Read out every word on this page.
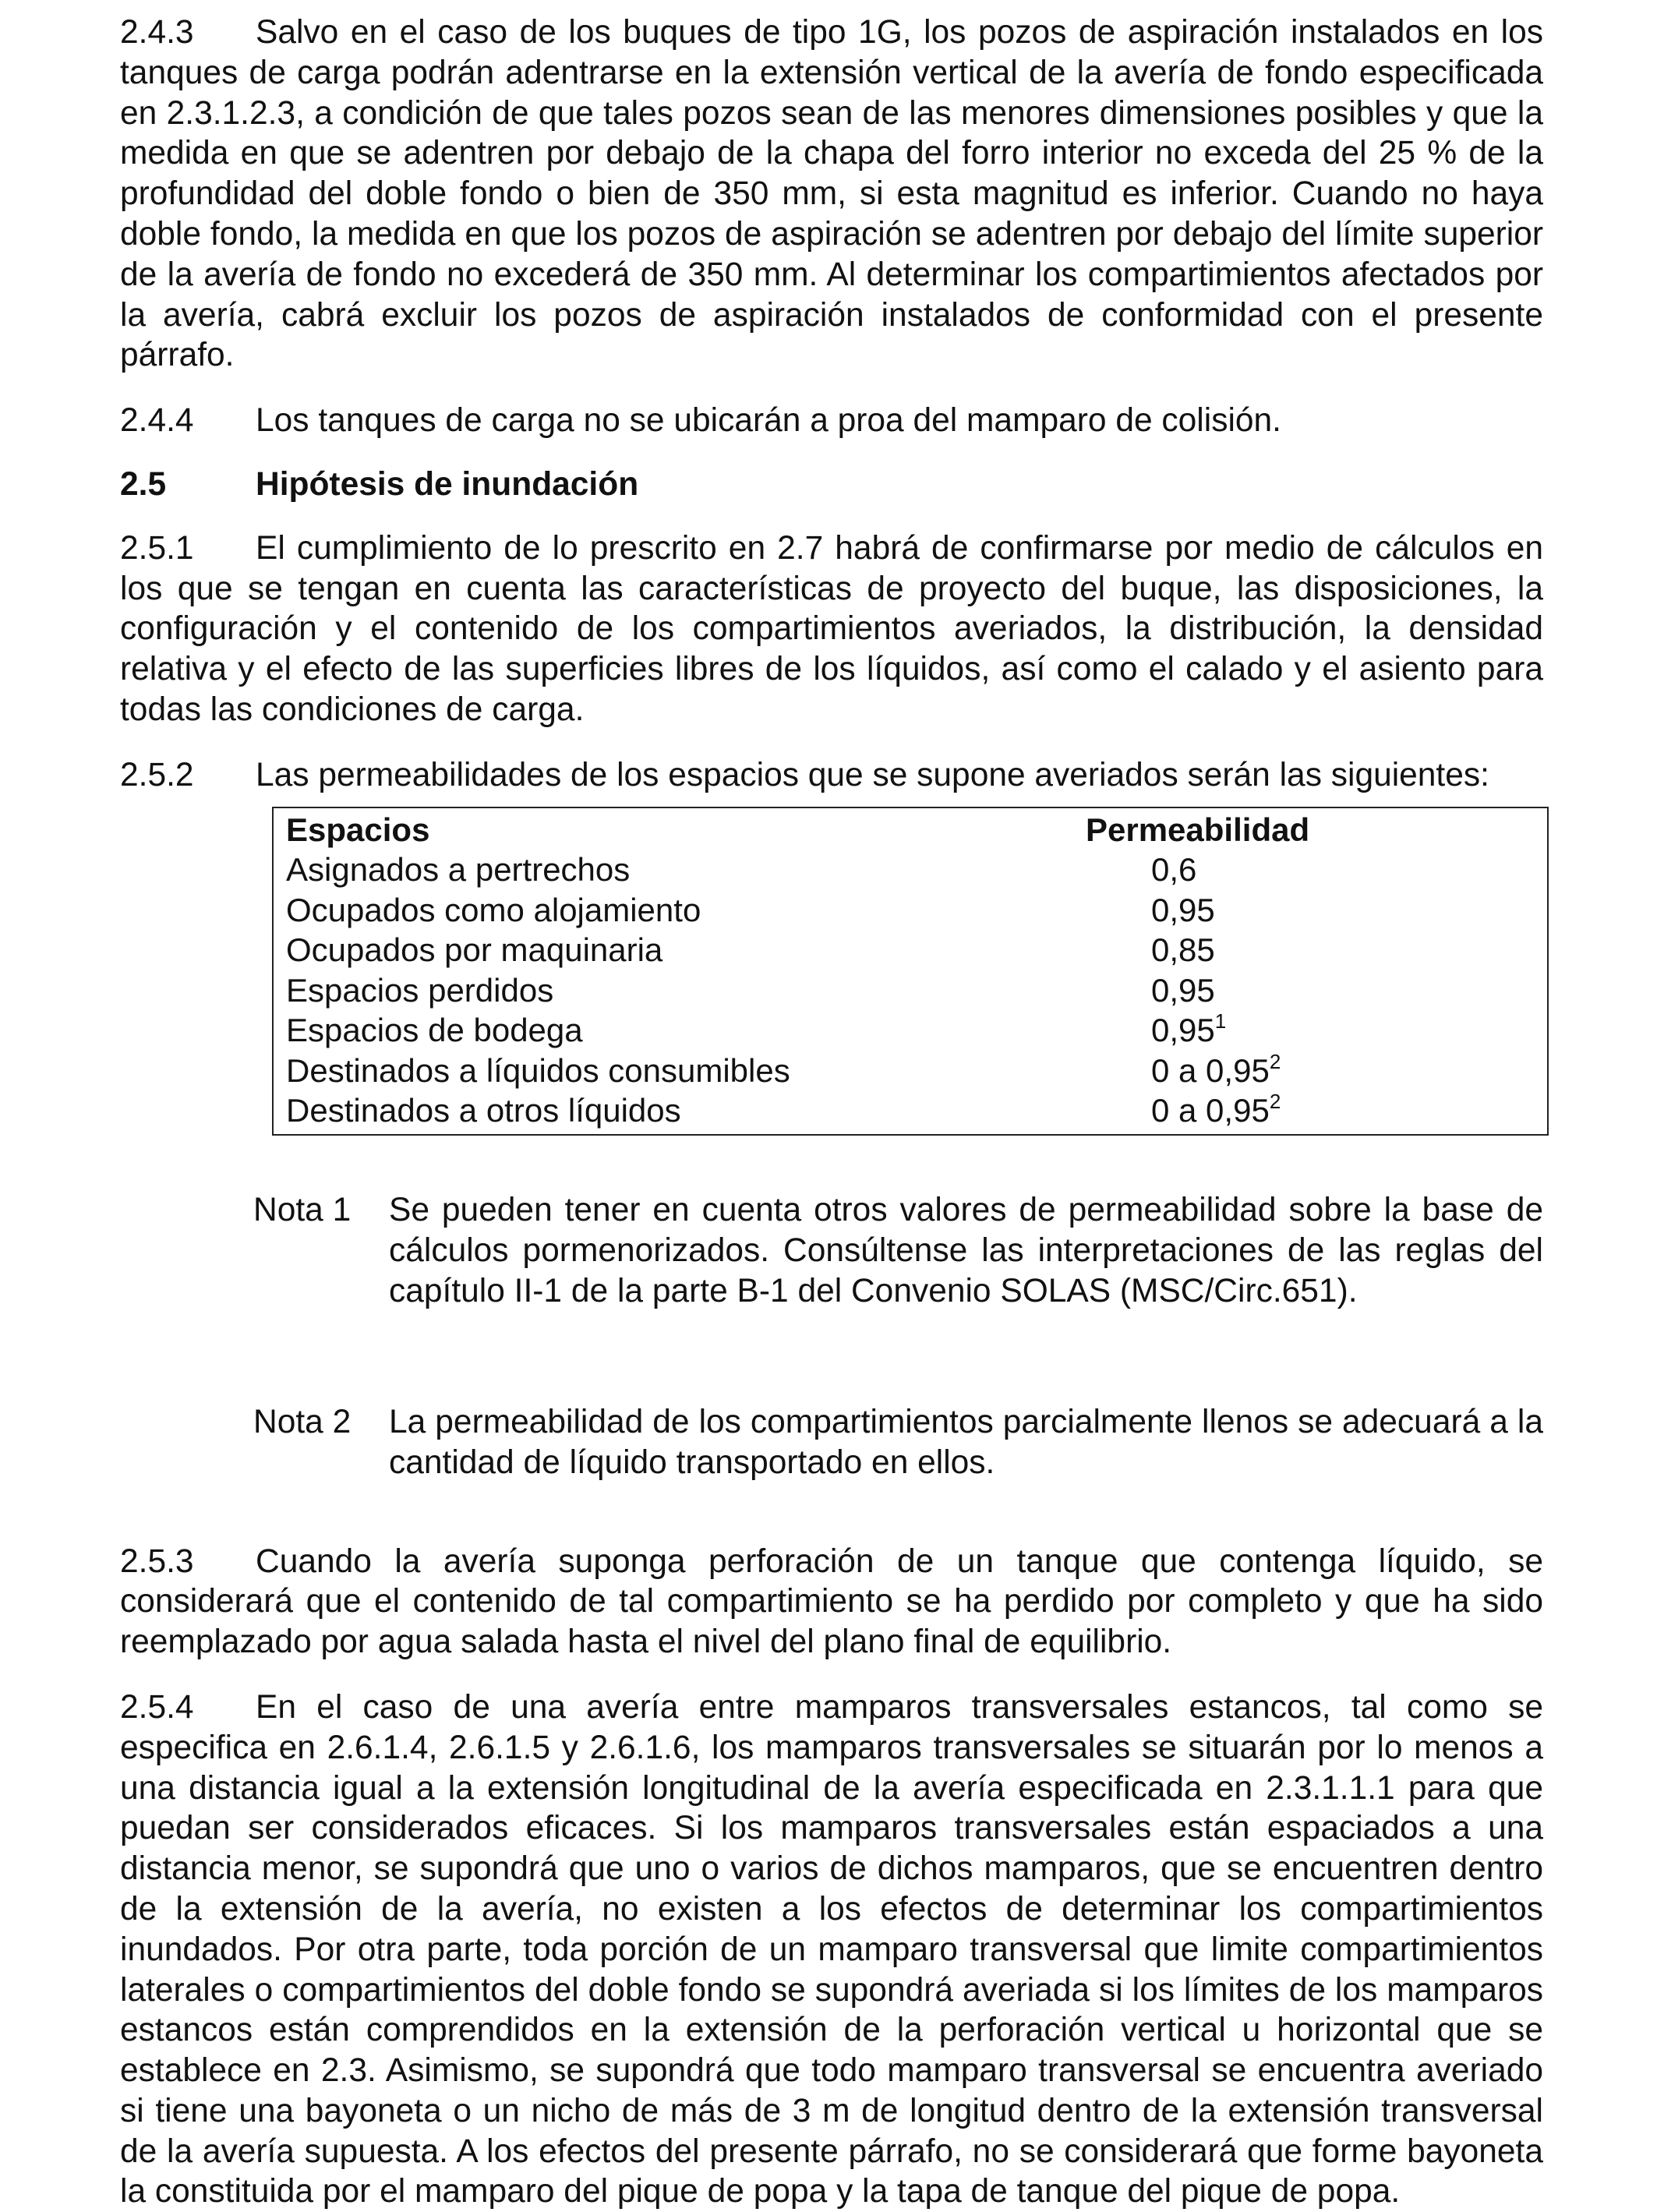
2.4.3 Salvo en el caso de los buques de tipo 1G, los pozos de aspiración instalados en los tanques de carga podrán adentrarse en la extensión vertical de la avería de fondo especificada en 2.3.1.2.3, a condición de que tales pozos sean de las menores dimensiones posibles y que la medida en que se adentren por debajo de la chapa del forro interior no exceda del 25 % de la profundidad del doble fondo o bien de 350 mm, si esta magnitud es inferior. Cuando no haya doble fondo, la medida en que los pozos de aspiración se adentren por debajo del límite superior de la avería de fondo no excederá de 350 mm. Al determinar los compartimientos afectados por la avería, cabrá excluir los pozos de aspiración instalados de conformidad con el presente párrafo.

2.4.4 Los tanques de carga no se ubicarán a proa del mamparo de colisión.

2.5	Hipótesis de inundación

2.5.1 El cumplimiento de lo prescrito en 2.7 habrá de confirmarse por medio de cálculos en los que se tengan en cuenta las características de proyecto del buque, las disposiciones, la configuración y el contenido de los compartimientos averiados, la distribución, la densidad relativa y el efecto de las superficies libres de los líquidos, así como el calado y el asiento para todas las condiciones de carga.

2.5.2 Las permeabilidades de los espacios que se supone averiados serán las siguientes:

Espacios	Permeabilidad
Asignados a pertrechos	0,6
Ocupados como alojamiento	0,95
Ocupados por maquinaria	0,85
Espacios perdidos	0,95
Espacios de bodega	0,95$^1$
Destinados a líquidos consumibles	0 a 0,95$^2$
Destinados a otros líquidos	0 a 0,95$^2$

Nota 1 Se pueden tener en cuenta otros valores de permeabilidad sobre la base de cálculos pormenorizados. Consúltense las interpretaciones de las reglas del capítulo II-1 de la parte B-1 del Convenio SOLAS (MSC/Circ.651).

Nota 2 La permeabilidad de los compartimientos parcialmente llenos se adecuará a la cantidad de líquido transportado en ellos.

2.5.3 Cuando la avería suponga perforación de un tanque que contenga líquido, se considerará que el contenido de tal compartimiento se ha perdido por completo y que ha sido reemplazado por agua salada hasta el nivel del plano final de equilibrio.

2.5.4 En el caso de una avería entre mamparos transversales estancos, tal como se especifica en 2.6.1.4, 2.6.1.5 y 2.6.1.6, los mamparos transversales se situarán por lo menos a una distancia igual a la extensión longitudinal de la avería especificada en 2.3.1.1.1 para que puedan ser considerados eficaces. Si los mamparos transversales están espaciados a una distancia menor, se supondrá que uno o varios de dichos mamparos, que se encuentren dentro de la extensión de la avería, no existen a los efectos de determinar los compartimientos inundados. Por otra parte, toda porción de un mamparo transversal que limite compartimientos laterales o compartimientos del doble fondo se supondrá averiada si los límites de los mamparos estancos están comprendidos en la extensión de la perforación vertical u horizontal que se establece en 2.3. Asimismo, se supondrá que todo mamparo transversal se encuentra averiado si tiene una bayoneta o un nicho de más de 3 m de longitud dentro de la extensión transversal de la avería supuesta. A los efectos del presente párrafo, no se considerará que forme bayoneta la constituida por el mamparo del pique de popa y la tapa de tanque del pique de popa.
